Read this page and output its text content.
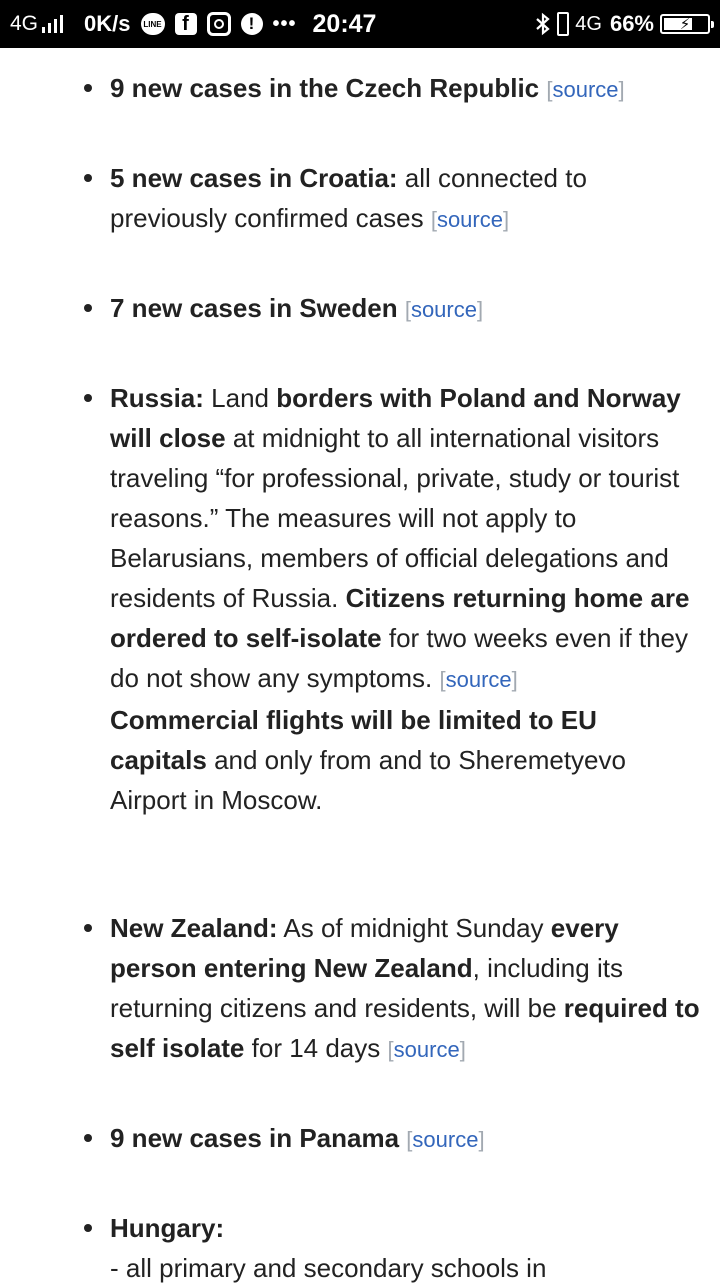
4G 0K/s	LINE	f	! ••• 20:47	4G 66%	⚡
9 new cases in the Czech Republic [source]
5 new cases in Croatia: all connected to previously confirmed cases [source]
7 new cases in Sweden [source]
Russia: Land borders with Poland and Norway will close at midnight to all international visitors traveling “for professional, private, study or tourist reasons.” The measures will not apply to Belarusians, members of official delegations and residents of Russia. Citizens returning home are ordered to self-isolate for two weeks even if they do not show any symptoms. [source]
Commercial flights will be limited to EU capitals and only from and to Sheremetyevo Airport in Moscow.
New Zealand: As of midnight Sunday every person entering New Zealand, including its returning citizens and residents, will be required to self isolate for 14 days [source]
9 new cases in Panama [source]
Hungary:
- all primary and secondary schools in
